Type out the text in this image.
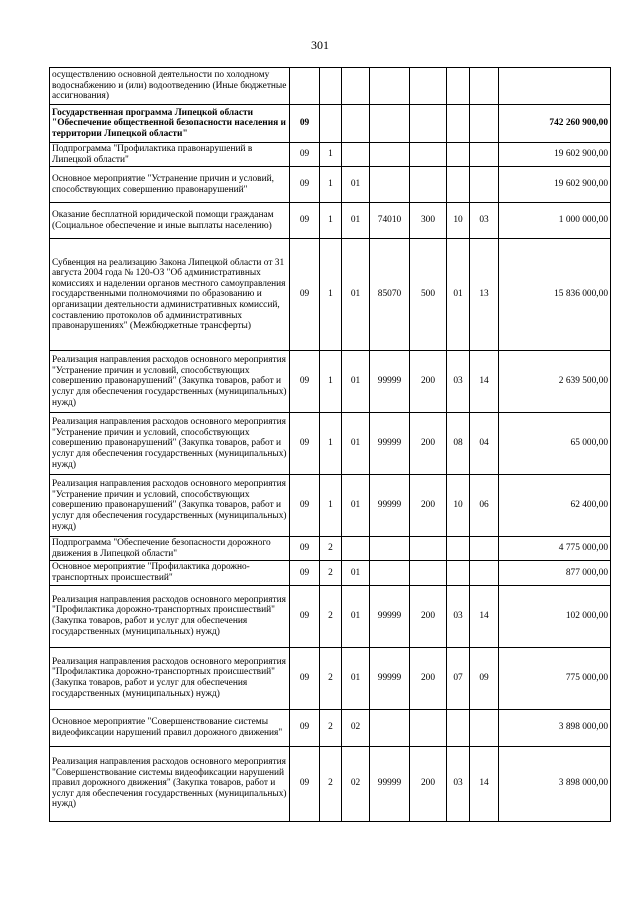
301
осуществлению основной деятельности по холодному водоснабжению и (или) водоотведению (Иные бюджетные ассигнования)								
Государственная программа Липецкой области "Обеспечение общественной безопасности населения и территории Липецкой области"	09							742 260 900,00
Подпрограмма "Профилактика правонарушений в Липецкой области"	09	1						19 602 900,00
Основное мероприятие "Устранение причин и условий, способствующих совершению правонарушений"	09	1	01					19 602 900,00
Оказание бесплатной юридической помощи гражданам (Социальное обеспечение и иные выплаты населению)	09	1	01	74010	300	10	03	1 000 000,00
Субвенция на реализацию Закона Липецкой области от 31 августа 2004 года № 120-ОЗ "Об административных комиссиях и наделении органов местного самоуправления государственными полномочиями по образованию и организации деятельности административных комиссий, составлению протоколов об административных правонарушениях" (Межбюджетные трансферты)	09	1	01	85070	500	01	13	15 836 000,00
Реализация направления расходов основного мероприятия "Устранение причин и условий, способствующих совершению правонарушений" (Закупка товаров, работ и услуг для обеспечения государственных (муниципальных) нужд)	09	1	01	99999	200	03	14	2 639 500,00
Реализация направления расходов основного мероприятия "Устранение причин и условий, способствующих совершению правонарушений" (Закупка товаров, работ и услуг для обеспечения государственных (муниципальных) нужд)	09	1	01	99999	200	08	04	65 000,00
Реализация направления расходов основного мероприятия "Устранение причин и условий, способствующих совершению правонарушений" (Закупка товаров, работ и услуг для обеспечения государственных (муниципальных) нужд)	09	1	01	99999	200	10	06	62 400,00
Подпрограмма "Обеспечение безопасности дорожного движения в Липецкой области"	09	2						4 775 000,00
Основное мероприятие "Профилактика дорожно-транспортных происшествий"	09	2	01					877 000,00
Реализация направления расходов основного мероприятия "Профилактика дорожно-транспортных происшествий" (Закупка товаров, работ и услуг для обеспечения государственных (муниципальных) нужд)	09	2	01	99999	200	03	14	102 000,00
Реализация направления расходов основного мероприятия "Профилактика дорожно-транспортных происшествий" (Закупка товаров, работ и услуг для обеспечения государственных (муниципальных) нужд)	09	2	01	99999	200	07	09	775 000,00
Основное мероприятие "Совершенствование системы видеофиксации нарушений правил дорожного движения"	09	2	02					3 898 000,00
Реализация направления расходов основного мероприятия "Совершенствование системы видеофиксации нарушений правил дорожного движения" (Закупка товаров, работ и услуг для обеспечения государственных (муниципальных) нужд)	09	2	02	99999	200	03	14	3 898 000,00
